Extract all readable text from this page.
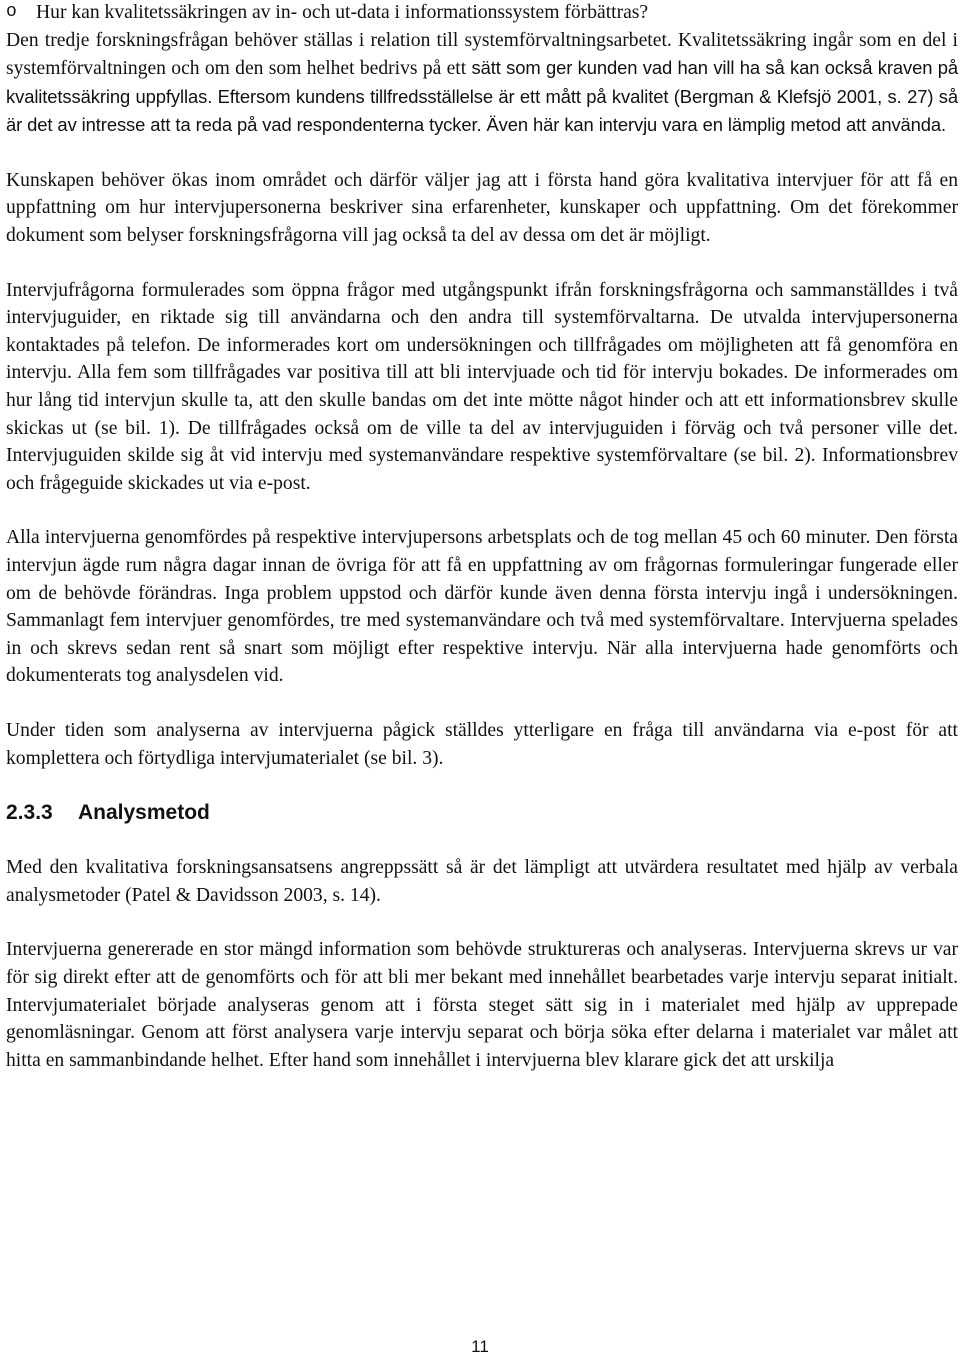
o Hur kan kvalitetssäkringen av in- och ut-data i informationssystem förbättras?

Den tredje forskningsfrågan behöver ställas i relation till systemförvaltningsarbetet. Kvalitetssäkring ingår som en del i systemförvaltningen och om den som helhet bedrivs på ett sätt som ger kunden vad han vill ha så kan också kraven på kvalitetssäkring uppfyllas. Eftersom kundens tillfredsställelse är ett mått på kvalitet (Bergman & Klefsjö 2001, s. 27) så är det av intresse att ta reda på vad respondenterna tycker. Även här kan intervju vara en lämplig metod att använda.

Kunskapen behöver ökas inom området och därför väljer jag att i första hand göra kvalitativa intervjuer för att få en uppfattning om hur intervjupersonerna beskriver sina erfarenheter, kunskaper och uppfattning. Om det förekommer dokument som belyser forskningsfrågorna vill jag också ta del av dessa om det är möjligt.

Intervjufrågorna formulerades som öppna frågor med utgångspunkt ifrån forskningsfrågorna och sammanställdes i två intervjuguider, en riktade sig till användarna och den andra till systemförvaltarna. De utvalda intervjupersonerna kontaktades på telefon. De informerades kort om undersökningen och tillfrågades om möjligheten att få genomföra en intervju. Alla fem som tillfrågades var positiva till att bli intervjuade och tid för intervju bokades. De informerades om hur lång tid intervjun skulle ta, att den skulle bandas om det inte mötte något hinder och att ett informationsbrev skulle skickas ut (se bil. 1). De tillfrågades också om de ville ta del av intervjuguiden i förväg och två personer ville det. Intervjuguiden skilde sig åt vid intervju med systemanvändare respektive systemförvaltare (se bil. 2). Informationsbrev och frågeguide skickades ut via e-post.

Alla intervjuerna genomfördes på respektive intervjupersons arbetsplats och de tog mellan 45 och 60 minuter. Den första intervjun ägde rum några dagar innan de övriga för att få en uppfattning av om frågornas formuleringar fungerade eller om de behövde förändras. Inga problem uppstod och därför kunde även denna första intervju ingå i undersökningen. Sammanlagt fem intervjuer genomfördes, tre med systemanvändare och två med systemförvaltare. Intervjuerna spelades in och skrevs sedan rent så snart som möjligt efter respektive intervju. När alla intervjuerna hade genomförts och dokumenterats tog analysdelen vid.

Under tiden som analyserna av intervjuerna pågick ställdes ytterligare en fråga till användarna via e-post för att komplettera och förtydliga intervjumaterialet (se bil. 3).

2.3.3 Analysmetod

Med den kvalitativa forskningsansatsens angreppssätt så är det lämpligt att utvärdera resultatet med hjälp av verbala analysmetoder (Patel & Davidsson 2003, s. 14).

Intervjuerna genererade en stor mängd information som behövde struktureras och analyseras. Intervjuerna skrevs ur var för sig direkt efter att de genomförts och för att bli mer bekant med innehållet bearbetades varje intervju separat initialt. Intervjumaterialet började analyseras genom att i första steget sätt sig in i materialet med hjälp av upprepade genomläsningar. Genom att först analysera varje intervju separat och börja söka efter delarna i materialet var målet att hitta en sammanbindande helhet. Efter hand som innehållet i intervjuerna blev klarare gick det att urskilja

11
